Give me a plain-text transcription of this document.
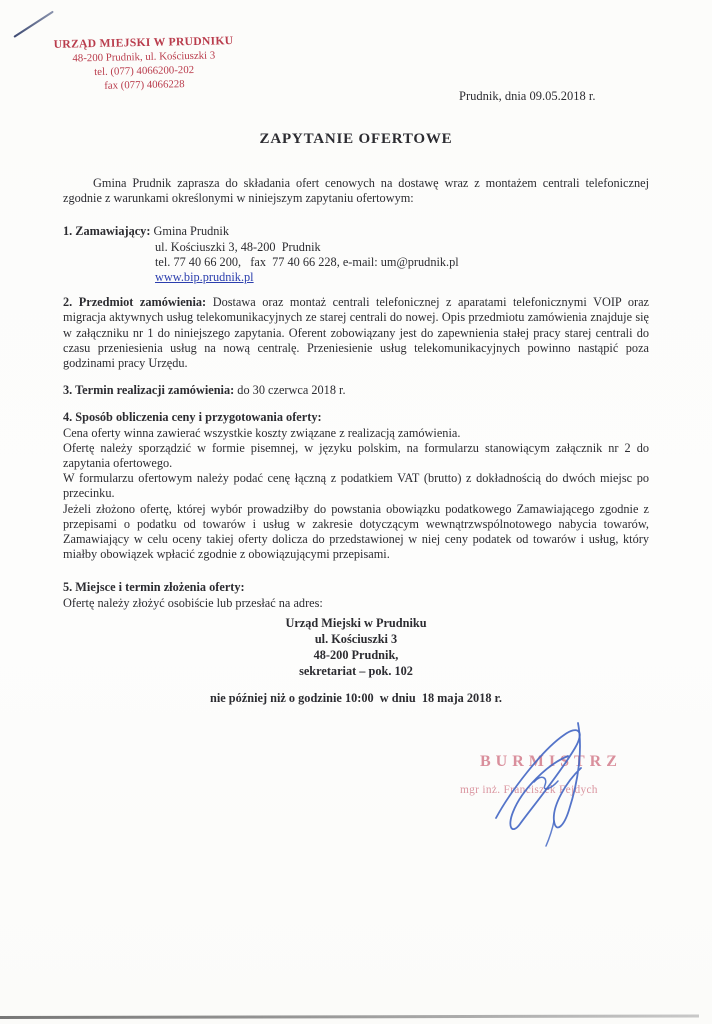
URZĄD MIEJSKI W PRUDNIKU
48-200 Prudnik, ul. Kościuszki 3
tel. (077) 4066200-202
fax (077) 4066228
Prudnik, dnia 09.05.2018 r.
ZAPYTANIE OFERTOWE

Gmina Prudnik zaprasza do składania ofert cenowych na dostawę wraz z montażem centrali telefonicznej zgodnie z warunkami określonymi w niniejszym zapytaniu ofertowym:

1. Zamawiający: Gmina Prudnik
ul. Kościuszki 3, 48-200  Prudnik
tel. 77 40 66 200,   fax  77 40 66 228, e-mail: um@prudnik.pl
www.bip.prudnik.pl

2. Przedmiot zamówienia: Dostawa oraz montaż centrali telefonicznej z aparatami telefonicznymi VOIP oraz migracja aktywnych usług telekomunikacyjnych ze starej centrali do nowej. Opis przedmiotu zamówienia znajduje się w załączniku nr 1 do niniejszego zapytania. Oferent zobowiązany jest do zapewnienia stałej pracy starej centrali do czasu przeniesienia usług na nową centralę. Przeniesienie usług telekomunikacyjnych powinno nastąpić poza godzinami pracy Urzędu.

3. Termin realizacji zamówienia: do 30 czerwca 2018 r.

4. Sposób obliczenia ceny i przygotowania oferty:

Cena oferty winna zawierać wszystkie koszty związane z realizacją zamówienia.

Ofertę należy sporządzić w formie pisemnej, w języku polskim, na formularzu stanowiącym załącznik nr 2 do zapytania ofertowego.

W formularzu ofertowym należy podać cenę łączną z podatkiem VAT (brutto) z dokładnością do dwóch miejsc po przecinku.

Jeżeli złożono ofertę, której wybór prowadziłby do powstania obowiązku podatkowego Zamawiającego zgodnie z przepisami o podatku od towarów i usług w zakresie dotyczącym wewnątrzwspólnotowego nabycia towarów, Zamawiający w celu oceny takiej oferty dolicza do przedstawionej w niej ceny podatek od towarów i usług, który miałby obowiązek wpłacić zgodnie z obowiązującymi przepisami.

5. Miejsce i termin złożenia oferty:

Ofertę należy złożyć osobiście lub przesłać na adres:

Urząd Miejski w Prudniku
ul. Kościuszki 3
48-200 Prudnik,
sekretariat – pok. 102

nie później niż o godzinie 10:00  w dniu  18 maja 2018 r.

BURMISTRZ
mgr inż. Franciszek Fejdych
